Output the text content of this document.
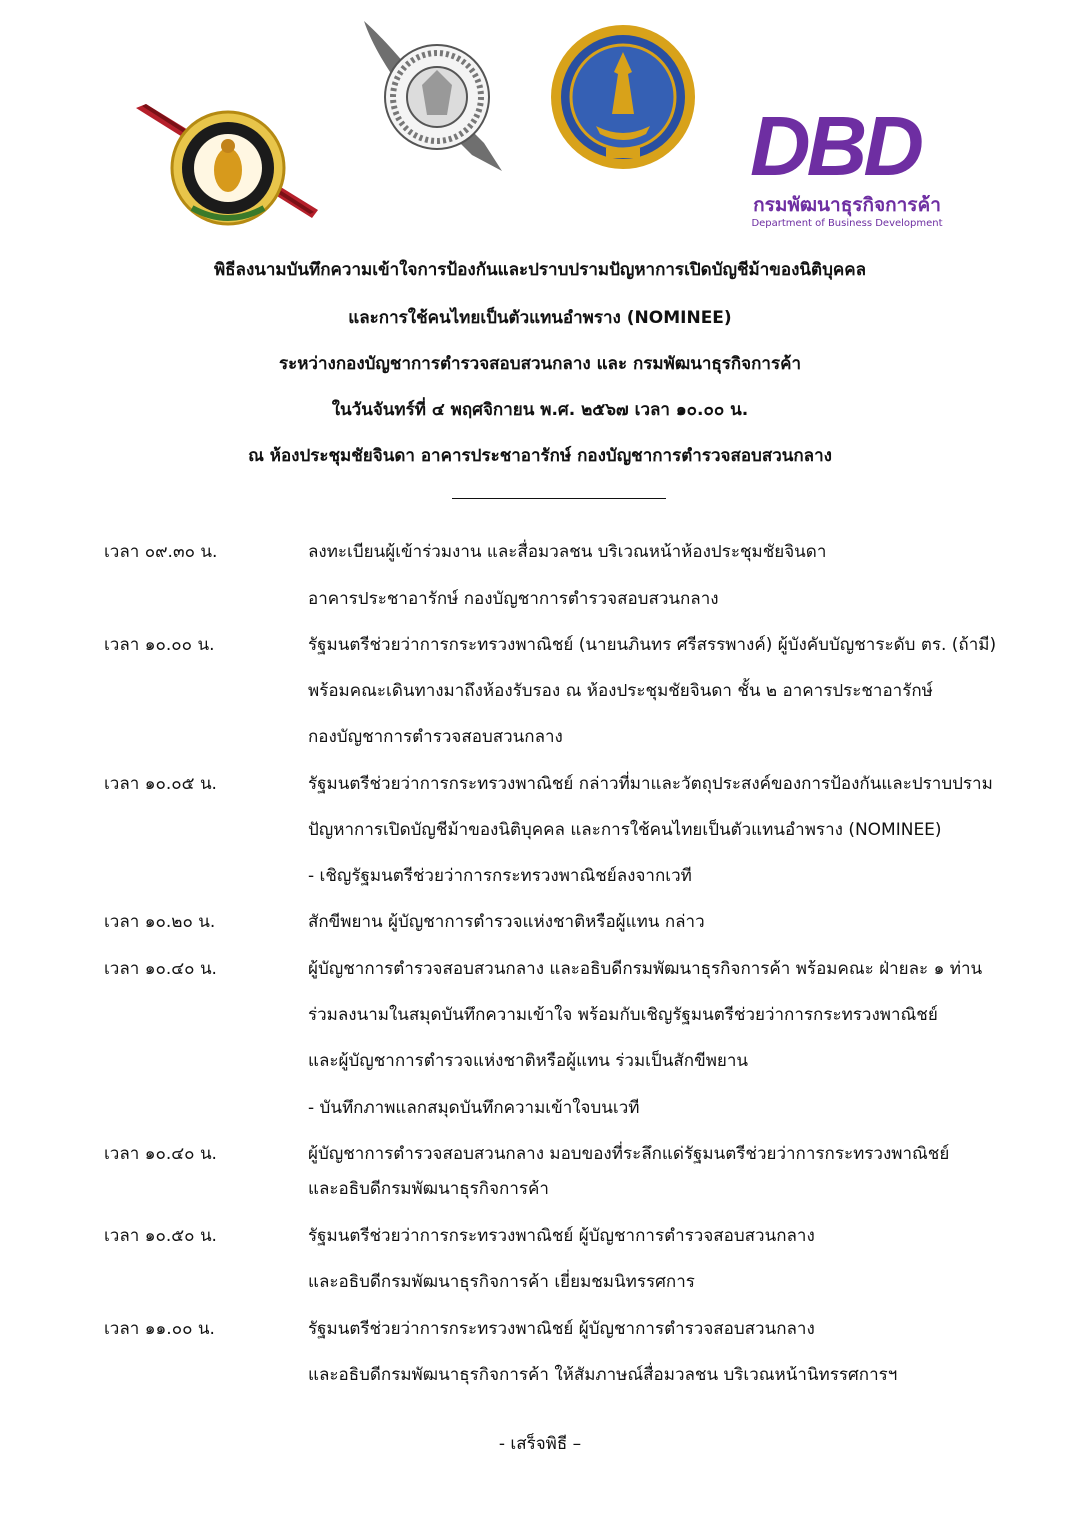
DBD
กรมพัฒนาธุรกิจการค้า
Department of Business Development
พิธีลงนามบันทึกความเข้าใจการป้องกันและปราบปรามปัญหาการเปิดบัญชีม้าของนิติบุคคล
และการใช้คนไทยเป็นตัวแทนอำพราง (NOMINEE)
ระหว่างกองบัญชาการตำรวจสอบสวนกลาง และ กรมพัฒนาธุรกิจการค้า
ในวันจันทร์ที่ ๔ พฤศจิกายน พ.ศ. ๒๕๖๗ เวลา ๑๐.๐๐ น.
ณ ห้องประชุมชัยจินดา อาคารประชาอารักษ์ กองบัญชาการตำรวจสอบสวนกลาง
เวลา ๐๙.๓๐ น.	ลงทะเบียนผู้เข้าร่วมงาน และสื่อมวลชน บริเวณหน้าห้องประชุมชัยจินดา
อาคารประชาอารักษ์ กองบัญชาการตำรวจสอบสวนกลาง
เวลา ๑๐.๐๐ น.	รัฐมนตรีช่วยว่าการกระทรวงพาณิชย์ (นายนภินทร ศรีสรรพางค์) ผู้บังคับบัญชาระดับ ตร. (ถ้ามี)
พร้อมคณะเดินทางมาถึงห้องรับรอง ณ ห้องประชุมชัยจินดา ชั้น ๒ อาคารประชาอารักษ์
กองบัญชาการตำรวจสอบสวนกลาง
เวลา ๑๐.๐๕ น.	รัฐมนตรีช่วยว่าการกระทรวงพาณิชย์ กล่าวที่มาและวัตถุประสงค์ของการป้องกันและปราบปราม
ปัญหาการเปิดบัญชีม้าของนิติบุคคล และการใช้คนไทยเป็นตัวแทนอำพราง (NOMINEE)
- เชิญรัฐมนตรีช่วยว่าการกระทรวงพาณิชย์ลงจากเวที
เวลา ๑๐.๒๐ น.	สักขีพยาน ผู้บัญชาการตำรวจแห่งชาติหรือผู้แทน กล่าว
เวลา ๑๐.๔๐ น.	ผู้บัญชาการตำรวจสอบสวนกลาง และอธิบดีกรมพัฒนาธุรกิจการค้า พร้อมคณะ ฝ่ายละ ๑ ท่าน
ร่วมลงนามในสมุดบันทึกความเข้าใจ พร้อมกับเชิญรัฐมนตรีช่วยว่าการกระทรวงพาณิชย์
และผู้บัญชาการตำรวจแห่งชาติหรือผู้แทน ร่วมเป็นสักขีพยาน
- บันทึกภาพแลกสมุดบันทึกความเข้าใจบนเวที
เวลา ๑๐.๔๐ น.	ผู้บัญชาการตำรวจสอบสวนกลาง มอบของที่ระลึกแด่รัฐมนตรีช่วยว่าการกระทรวงพาณิชย์
และอธิบดีกรมพัฒนาธุรกิจการค้า
เวลา ๑๐.๕๐ น.	รัฐมนตรีช่วยว่าการกระทรวงพาณิชย์ ผู้บัญชาการตำรวจสอบสวนกลาง
และอธิบดีกรมพัฒนาธุรกิจการค้า เยี่ยมชมนิทรรศการ
เวลา ๑๑.๐๐ น.	รัฐมนตรีช่วยว่าการกระทรวงพาณิชย์ ผู้บัญชาการตำรวจสอบสวนกลาง
และอธิบดีกรมพัฒนาธุรกิจการค้า ให้สัมภาษณ์สื่อมวลชน บริเวณหน้านิทรรศการฯ
- เสร็จพิธี –
